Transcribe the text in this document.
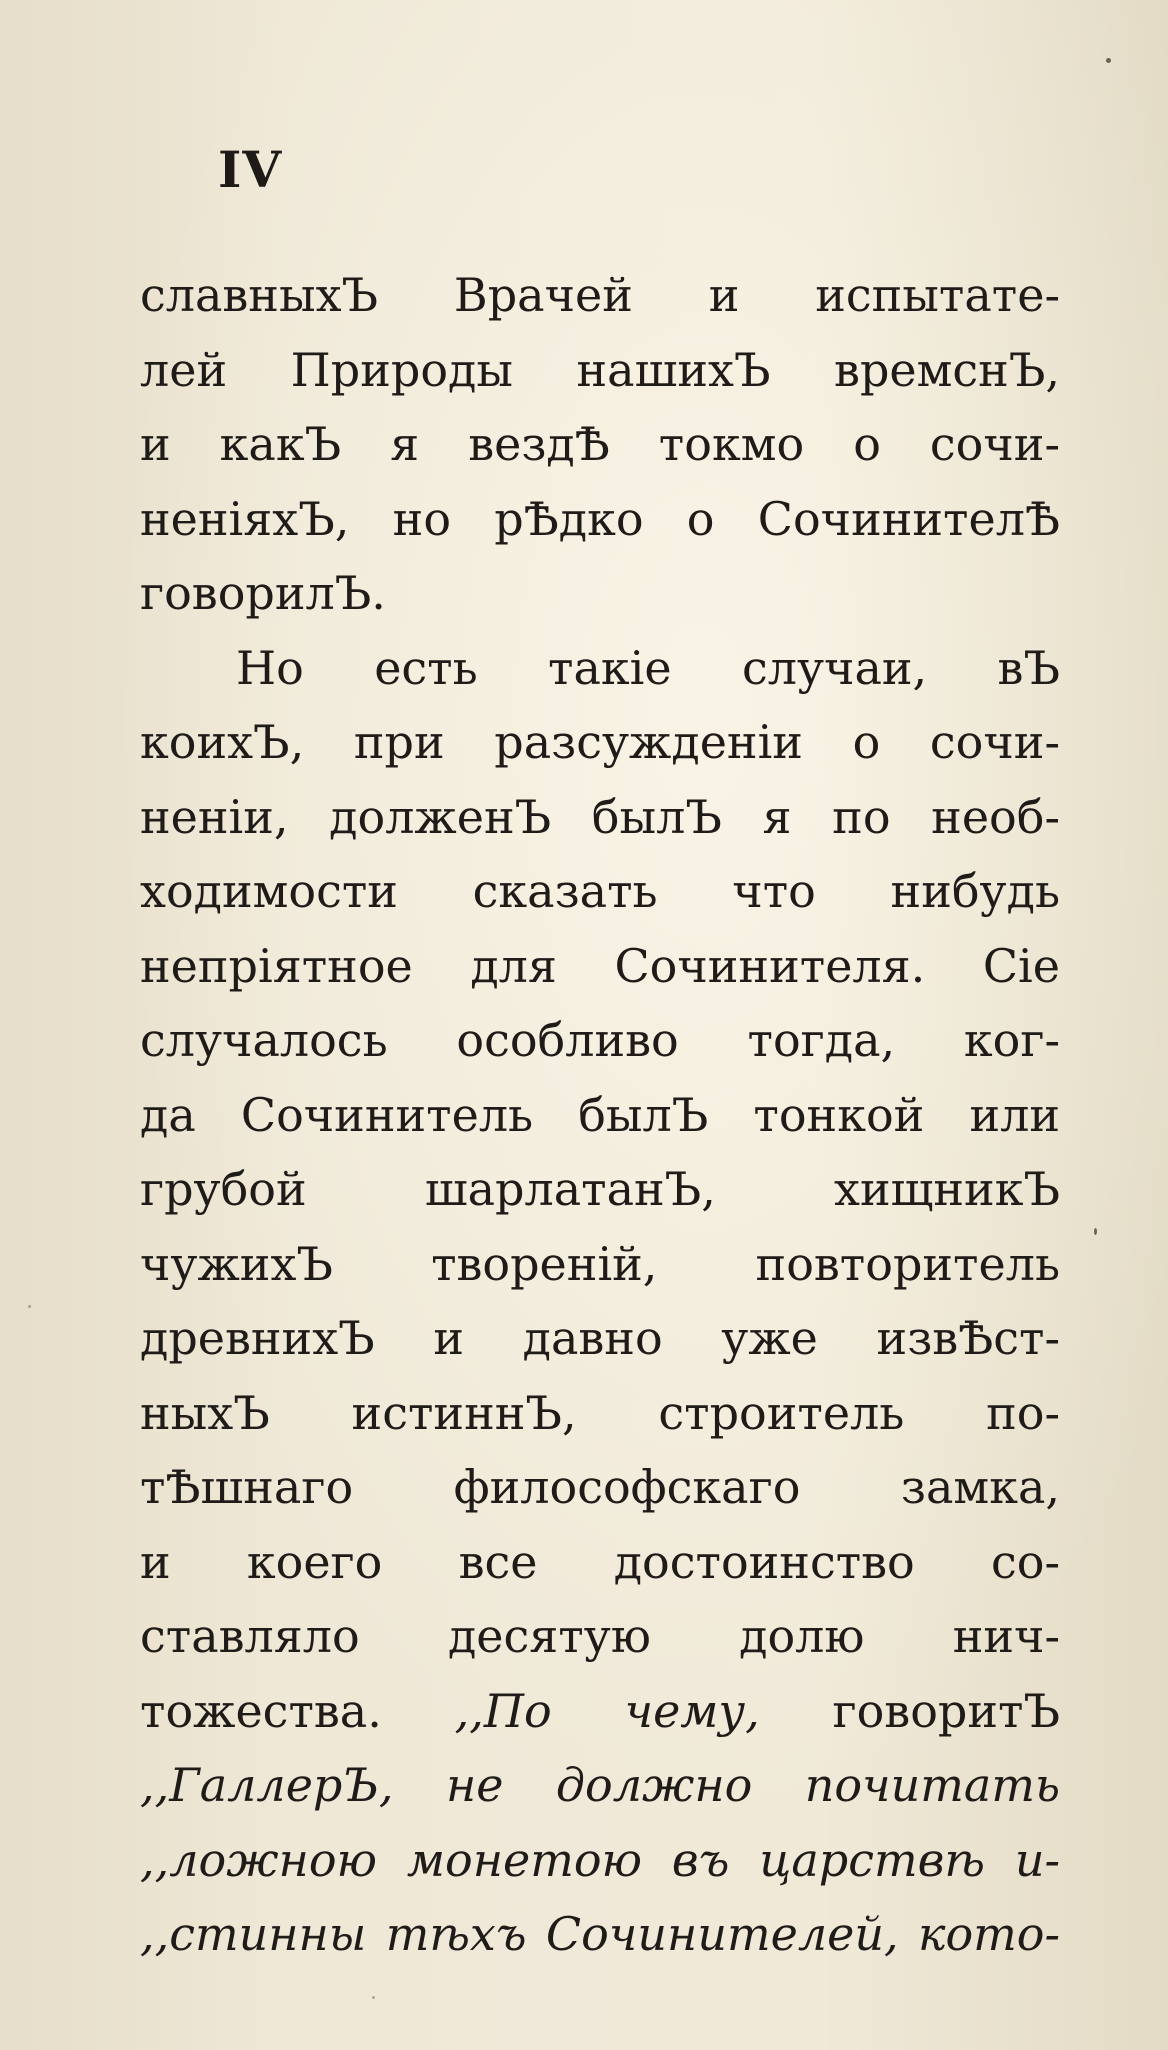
IV
славныхЪ Врачей и испытате-
лей Природы нашихЪ времснЪ,
и какЪ я вездѢ токмо о сочи-
неніяхЪ, но рѢдко о СочинителѢ
говорилЪ.
Но есть такіе случаи, вЪ
коихЪ, при разсужденіи о сочи-
неніи, долженЪ былЪ я по необ-
ходимости сказать что нибудь
непріятное для Сочинителя. Сіе
случалось особливо тогда, ког-
да Сочинитель былЪ тонкой или
грубой шарлатанЪ, хищникЪ
чужихЪ твореній, повторитель
древнихЪ и давно уже извѢст-
ныхЪ истиннЪ, строитель по-
тѢшнаго философскаго замка,
и коего все достоинство со-
ставляло десятую долю нич-
тожества. ,,По чему, говоритЪ
,,ГаллерЪ, не должно почитать
,,ложною монетою въ царствѣ и-
,,стинны тѣхъ Сочинителей, кото-
